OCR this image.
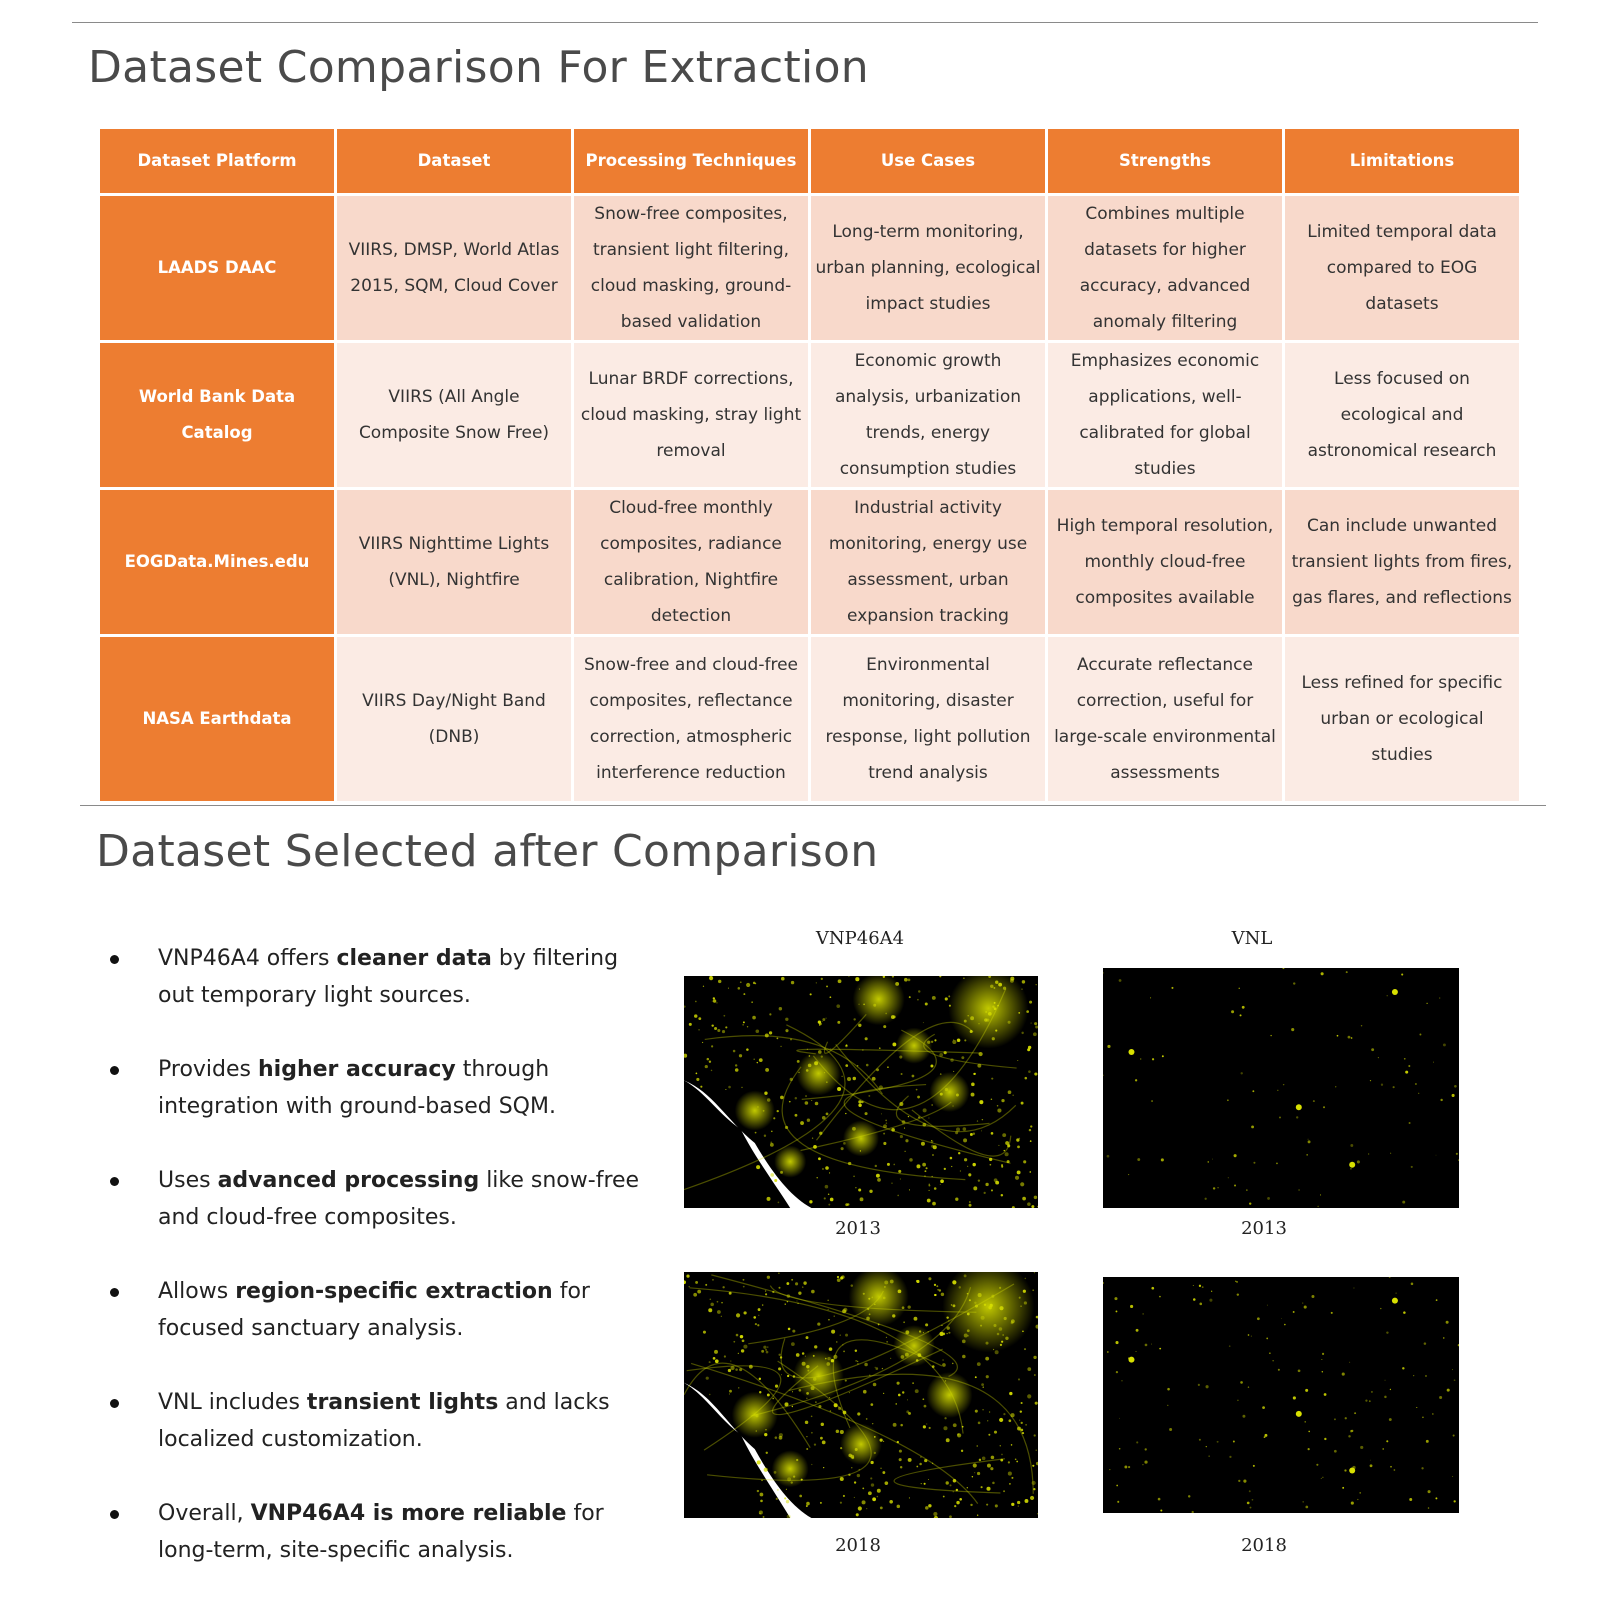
Dataset Comparison For Extraction
Dataset Platform	Dataset	Processing Techniques	Use Cases	Strengths	Limitations
LAADS DAAC	VIIRS, DMSP, World Atlas 2015, SQM, Cloud Cover	Snow-free composites, transient light filtering, cloud masking, ground-based validation	Long-term monitoring, urban planning, ecological impact studies	Combines multiple datasets for higher accuracy, advanced anomaly filtering	Limited temporal data compared to EOG datasets
World Bank Data Catalog	VIIRS (All Angle Composite Snow Free)	Lunar BRDF corrections, cloud masking, stray light removal	Economic growth analysis, urbanization trends, energy consumption studies	Emphasizes economic applications, well-calibrated for global studies	Less focused on ecological and astronomical research
EOGData.Mines.edu	VIIRS Nighttime Lights (VNL), Nightfire	Cloud-free monthly composites, radiance calibration, Nightfire detection	Industrial activity monitoring, energy use assessment, urban expansion tracking	High temporal resolution, monthly cloud-free composites available	Can include unwanted transient lights from fires, gas flares, and reflections
NASA Earthdata	VIIRS Day/Night Band (DNB)	Snow-free and cloud-free composites, reflectance correction, atmospheric interference reduction	Environmental monitoring, disaster response, light pollution trend analysis	Accurate reflectance correction, useful for large-scale environmental assessments	Less refined for specific urban or ecological studies
Dataset Selected after Comparison
VNP46A4 offers cleaner data by filtering out temporary light sources.
Provides higher accuracy through integration with ground-based SQM.
Uses advanced processing like snow-free and cloud-free composites.
Allows region-specific extraction for focused sanctuary analysis.
VNL includes transient lights and lacks localized customization.
Overall, VNP46A4 is more reliable for long-term, site-specific analysis.
VNP46A4	VNL
2013	2013
2018	2018
